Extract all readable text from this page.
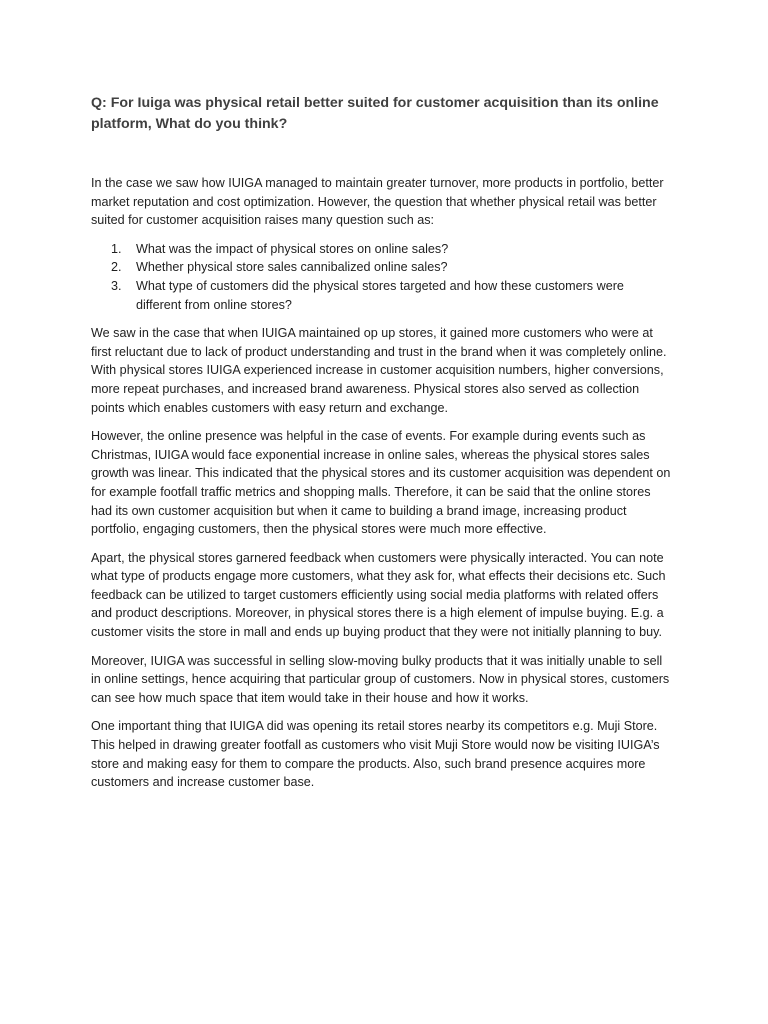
Q: For Iuiga was physical retail better suited for customer acquisition than its online platform, What do you think?

In the case we saw how IUIGA managed to maintain greater turnover, more products in portfolio, better market reputation and cost optimization. However, the question that whether physical retail was better suited for customer acquisition raises many question such as:

1. What was the impact of physical stores on online sales?
2. Whether physical store sales cannibalized online sales?
3. What type of customers did the physical stores targeted and how these customers were different from online stores?

We saw in the case that when IUIGA maintained op up stores, it gained more customers who were at first reluctant due to lack of product understanding and trust in the brand when it was completely online. With physical stores IUIGA experienced increase in customer acquisition numbers, higher conversions, more repeat purchases, and increased brand awareness. Physical stores also served as collection points which enables customers with easy return and exchange.

However, the online presence was helpful in the case of events. For example during events such as Christmas, IUIGA would face exponential increase in online sales, whereas the physical stores sales growth was linear. This indicated that the physical stores and its customer acquisition was dependent on for example footfall traffic metrics and shopping malls. Therefore, it can be said that the online stores had its own customer acquisition but when it came to building a brand image, increasing product portfolio, engaging customers, then the physical stores were much more effective.

Apart, the physical stores garnered feedback when customers were physically interacted. You can note what type of products engage more customers, what they ask for, what effects their decisions etc. Such feedback can be utilized to target customers efficiently using social media platforms with related offers and product descriptions. Moreover, in physical stores there is a high element of impulse buying. E.g. a customer visits the store in mall and ends up buying product that they were not initially planning to buy.

Moreover, IUIGA was successful in selling slow-moving bulky products that it was initially unable to sell in online settings, hence acquiring that particular group of customers. Now in physical stores, customers can see how much space that item would take in their house and how it works.

One important thing that IUIGA did was opening its retail stores nearby its competitors e.g. Muji Store. This helped in drawing greater footfall as customers who visit Muji Store would now be visiting IUIGA’s store and making easy for them to compare the products. Also, such brand presence acquires more customers and increase customer base.
